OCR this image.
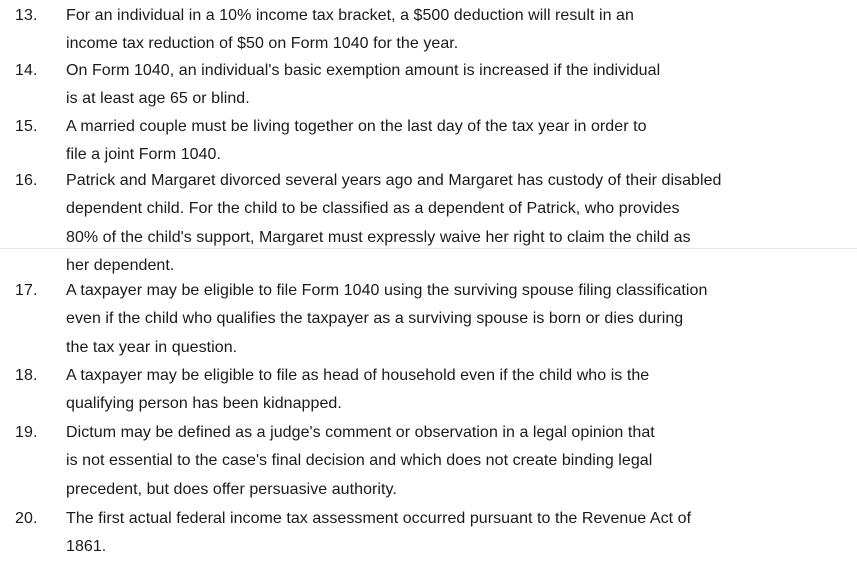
13. For an individual in a 10% income tax bracket, a $500 deduction will result in an
income tax reduction of $50 on Form 1040 for the year.
14. On Form 1040, an individual's basic exemption amount is increased if the individual
is at least age 65 or blind.
15. A married couple must be living together on the last day of the tax year in order to
file a joint Form 1040.
16. Patrick and Margaret divorced several years ago and Margaret has custody of their disabled
dependent child. For the child to be classified as a dependent of Patrick, who provides
80% of the child's support, Margaret must expressly waive her right to claim the child as
her dependent.
17. A taxpayer may be eligible to file Form 1040 using the surviving spouse filing classification
even if the child who qualifies the taxpayer as a surviving spouse is born or dies during
the tax year in question.
18. A taxpayer may be eligible to file as head of household even if the child who is the
qualifying person has been kidnapped.
19. Dictum may be defined as a judge's comment or observation in a legal opinion that
is not essential to the case's final decision and which does not create binding legal
precedent, but does offer persuasive authority.
20. The first actual federal income tax assessment occurred pursuant to the Revenue Act of
1861.
